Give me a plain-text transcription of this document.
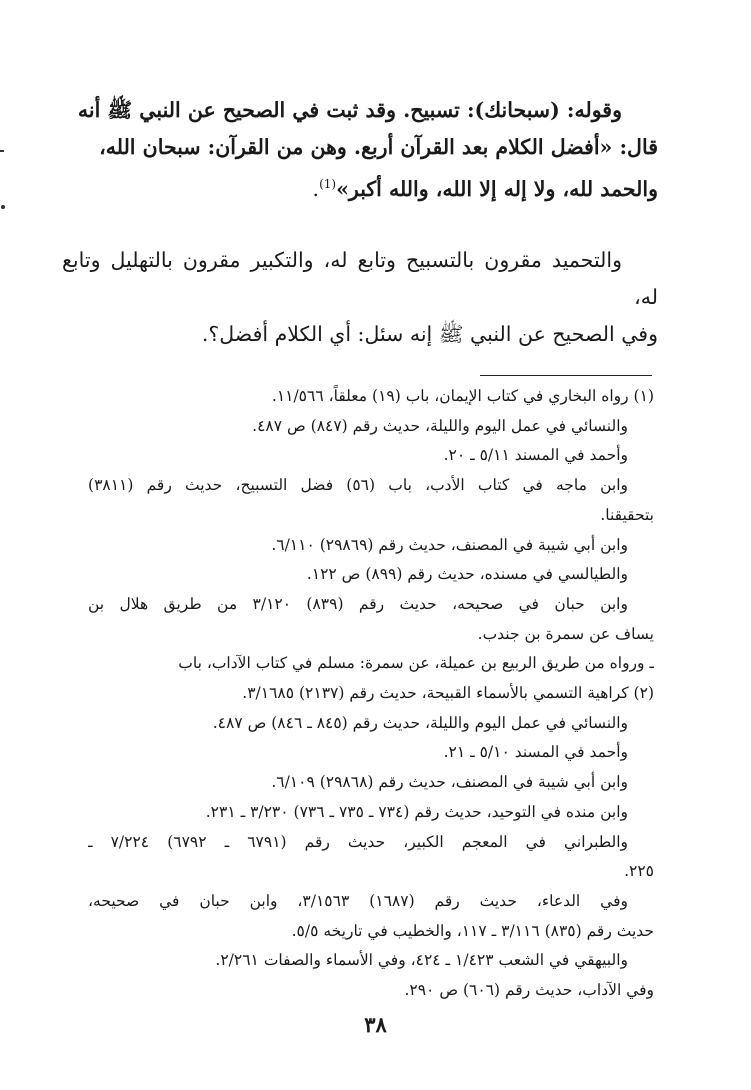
وقوله: (سبحانك): تسبيح. وقد ثبت في الصحيح عن النبي ﷺ أنه

قال: «أفضل الكلام بعد القرآن أربع. وهن من القرآن: سبحان الله،

والحمد لله، ولا إله إلا الله، والله أكبر»$^{(1)}$.

والتحميد مقرون بالتسبيح وتابع له، والتكبير مقرون بالتهليل وتابع له،

وفي الصحيح عن النبي ﷺ إنه سئل: أي الكلام أفضل؟.

(١) رواه البخاري في كتاب الإيمان، باب (١٩) معلقاً، ١١/٥٦٦.

والنسائي في عمل اليوم والليلة، حديث رقم (٨٤٧) ص ٤٨٧.

وأحمد في المسند ٥/١١ ـ ٢٠.

وابن ماجه في كتاب الأدب، باب (٥٦) فضل التسبيح، حديث رقم (٣٨١١)

بتحقيقنا.

وابن أبي شيبة في المصنف، حديث رقم (٢٩٨٦٩) ٦/١١٠.

والطيالسي في مسنده، حديث رقم (٨٩٩) ص ١٢٢.

وابن حبان في صحيحه، حديث رقم (٨٣٩) ٣/١٢٠ من طريق هلال بن

يساف عن سمرة بن جندب.

ـ ورواه من طريق الربيع بن عميلة، عن سمرة: مسلم في كتاب الآداب، باب

(٢) كراهية التسمي بالأسماء القبيحة، حديث رقم (٢١٣٧) ٣/١٦٨٥.

والنسائي في عمل اليوم والليلة، حديث رقم (٨٤٥ ـ ٨٤٦) ص ٤٨٧.

وأحمد في المسند ٥/١٠ ـ ٢١.

وابن أبي شيبة في المصنف، حديث رقم (٢٩٨٦٨) ٦/١٠٩.

وابن منده في التوحيد، حديث رقم (٧٣٤ ـ ٧٣٥ ـ ٧٣٦) ٣/٢٣٠ ـ ٢٣١.

والطبراني في المعجم الكبير، حديث رقم (٦٧٩١ ـ ٦٧٩٢) ٧/٢٢٤ ـ

٢٢٥.

وفي الدعاء، حديث رقم (١٦٨٧) ٣/١٥٦٣، وابن حبان في صحيحه،

حديث رقم (٨٣٥) ٣/١١٦ ـ ١١٧، والخطيب في تاريخه ٥/٥.

والبيهقي في الشعب ١/٤٢٣ ـ ٤٢٤، وفي الأسماء والصفات ٢/٢٦١.

وفي الآداب، حديث رقم (٦٠٦) ص ٢٩٠.

٣٨
